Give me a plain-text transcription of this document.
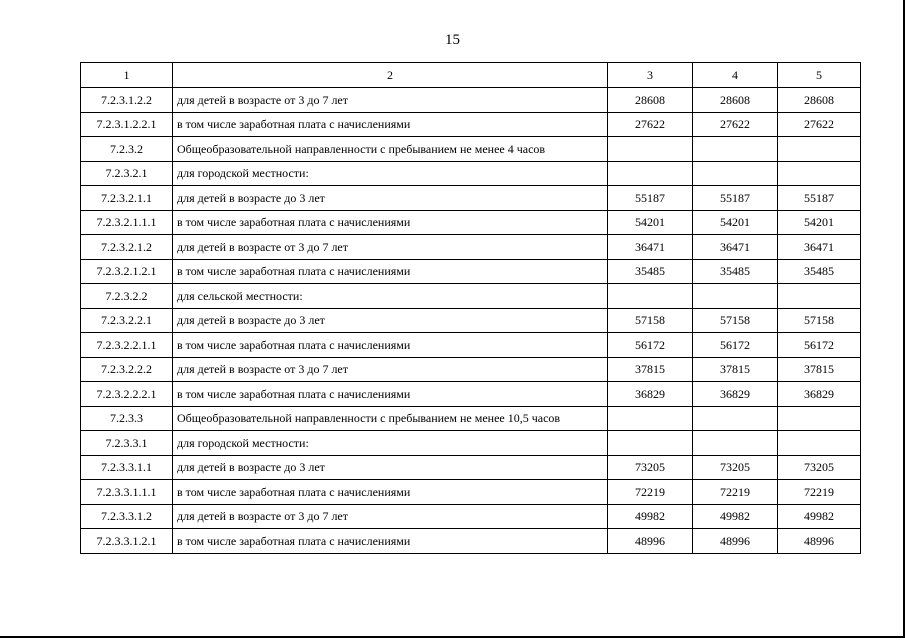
15
1	2	3	4	5
7.2.3.1.2.2	для детей в возрасте от 3 до 7 лет	28608	28608	28608
7.2.3.1.2.2.1	в том числе заработная плата с начислениями	27622	27622	27622
7.2.3.2	Общеобразовательной направленности с пребыванием не менее 4 часов			
7.2.3.2.1	для городской местности:			
7.2.3.2.1.1	для детей в возрасте до 3 лет	55187	55187	55187
7.2.3.2.1.1.1	в том числе заработная плата с начислениями	54201	54201	54201
7.2.3.2.1.2	для детей в возрасте от 3 до 7 лет	36471	36471	36471
7.2.3.2.1.2.1	в том числе заработная плата с начислениями	35485	35485	35485
7.2.3.2.2	для сельской местности:			
7.2.3.2.2.1	для детей в возрасте до 3 лет	57158	57158	57158
7.2.3.2.2.1.1	в том числе заработная плата с начислениями	56172	56172	56172
7.2.3.2.2.2	для детей в возрасте от 3 до 7 лет	37815	37815	37815
7.2.3.2.2.2.1	в том числе заработная плата с начислениями	36829	36829	36829
7.2.3.3	Общеобразовательной направленности с пребыванием не менее 10,5 часов			
7.2.3.3.1	для городской местности:			
7.2.3.3.1.1	для детей в возрасте до 3 лет	73205	73205	73205
7.2.3.3.1.1.1	в том числе заработная плата с начислениями	72219	72219	72219
7.2.3.3.1.2	для детей в возрасте от 3 до 7 лет	49982	49982	49982
7.2.3.3.1.2.1	в том числе заработная плата с начислениями	48996	48996	48996
